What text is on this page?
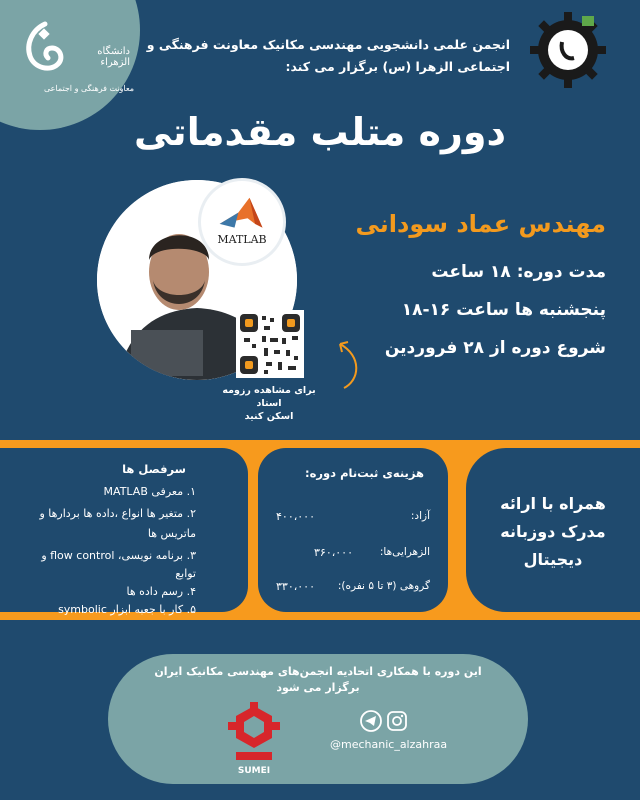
دانشگاه الزهراء
معاونت فرهنگی و اجتماعی
انجمن علمی دانشجویی مهندسی مکانیک معاونت فرهنگی و
اجتماعی الزهرا (س) برگزار می کند:
دوره متلب مقدماتی
MATLAB
برای مشاهده رزومه استاد
اسکن کنید
مهندس عماد سودانی
مدت دوره: ۱۸ ساعت
پنجشنبه ها ساعت ۱۶-۱۸
شروع دوره از ۲۸ فروردین
سرفصل ها
۱. معرفی MATLAB
۲. متغیر ها انواع ،داده ها بردارها و
ماتریس ها
۳. برنامه نویسی، flow control و
توابع
۴. رسم داده ها
۵. کار با جعبه ابزار symbolic
هزینه‌ی ثبت‌نام دوره:
آزاد:
۴۰۰،۰۰۰
الزهرایی‌ها:
۳۶۰،۰۰۰
گروهی (۳ تا ۵ نفره):
۳۳۰،۰۰۰
همراه با ارائه
مدرک دوزبانه
دیجیتال
این دوره با همکاری اتحادیه انجمن‌های مهندسی مکانیک ایران
برگزار می شود
SUMEI
@mechanic_alzahraa
